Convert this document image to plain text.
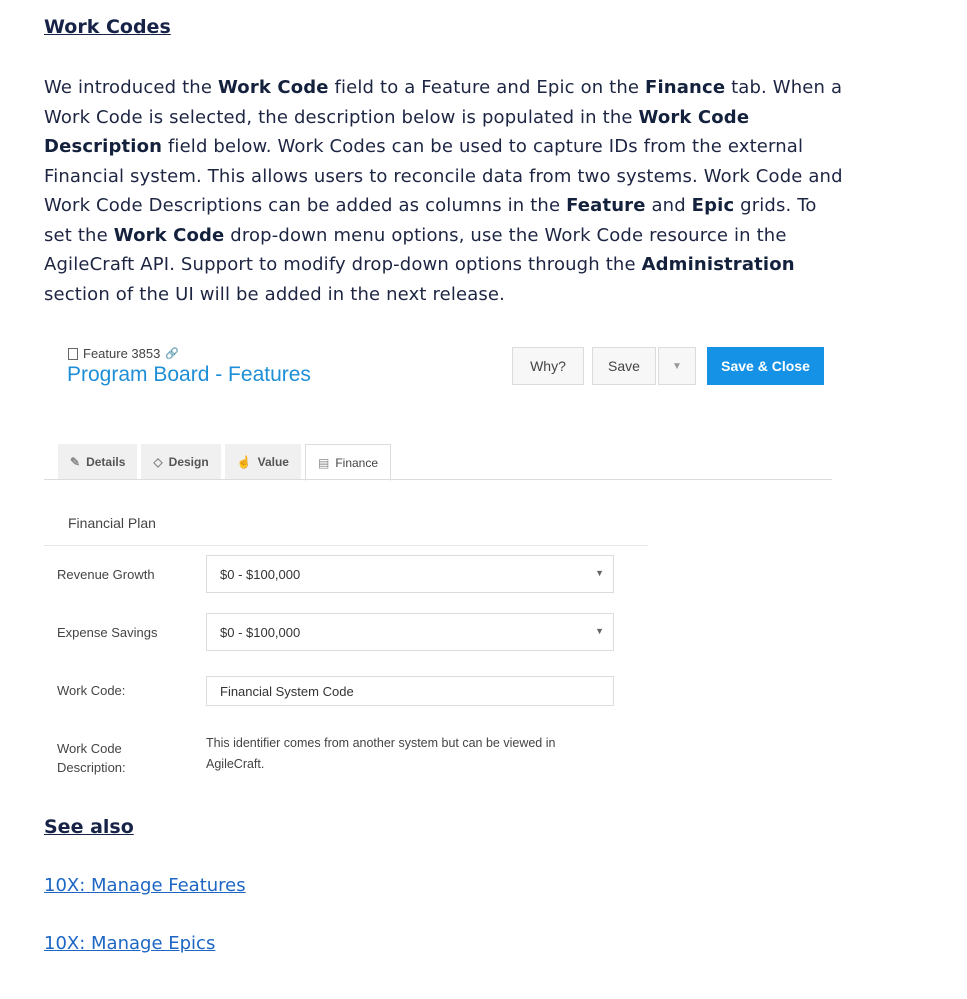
Work Codes

We introduced the Work Code field to a Feature and Epic on the Finance tab. When a Work Code is selected, the description below is populated in the Work Code Description field below. Work Codes can be used to capture IDs from the external Financial system. This allows users to reconcile data from two systems. Work Code and Work Code Descriptions can be added as columns in the Feature and Epic grids. To set the Work Code drop-down menu options, use the Work Code resource in the AgileCraft API. Support to modify drop-down options through the Administration section of the UI will be added in the next release.

Feature 3853 🔗
Program Board - Features	Why?	Save	▼	Save & Close
✎ Details ◇ Design ☝ Value ▤ Finance
Financial Plan
Revenue Growth	$0 - $100,000	▼
Expense Savings	$0 - $100,000	▼
Work Code:	Financial System Code
Work Code
Description:
This identifier comes from another system but can be viewed in
AgileCraft.
See also
10X: Manage Features
10X: Manage Epics
